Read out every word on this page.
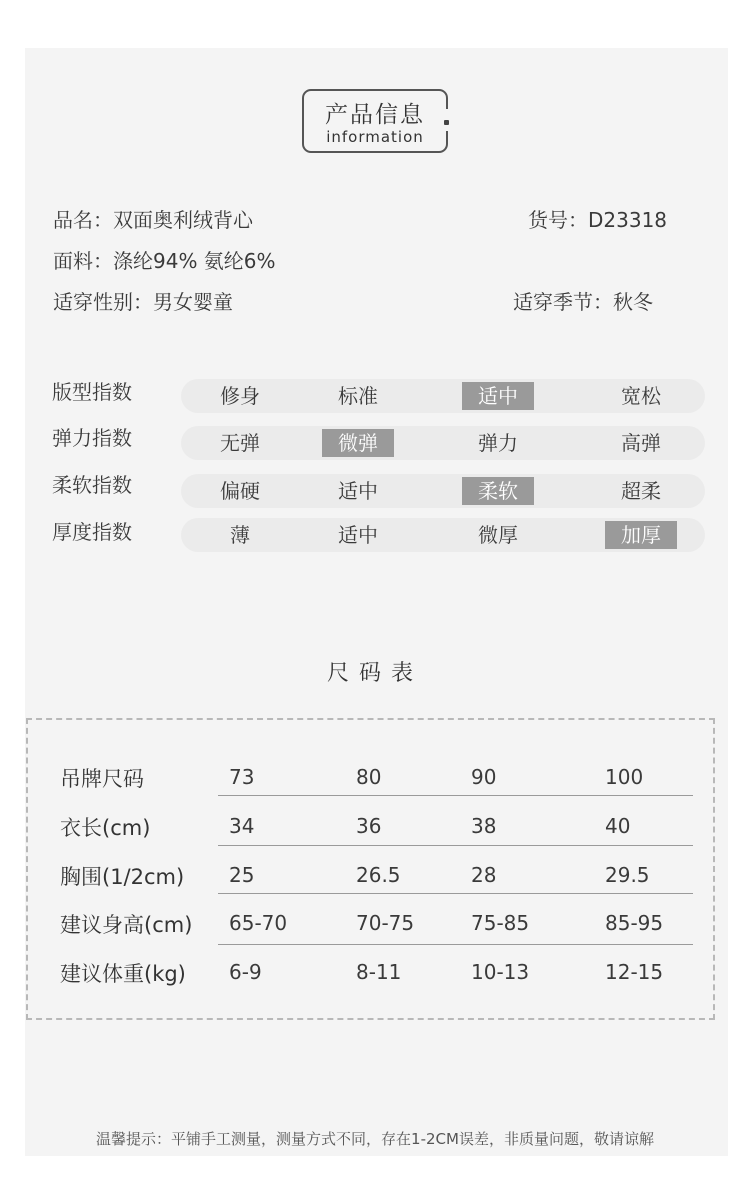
产品信息
information
品名：双面奥利绒背心	货号：D23318
面料：涤纶94% 氨纶6%
适穿性别：男女婴童	适穿季节：秋冬
版型指数	修身	标准	适中	宽松
弹力指数	无弹	微弹	弹力	高弹
柔软指数	偏硬	适中	柔软	超柔
厚度指数	薄	适中	微厚	加厚
尺码表
吊牌尺码	73	80	90	100
衣长(cm)	34	36	38	40
胸围(1/2cm) 25	26.5	28	29.5
建议身高(cm) 65-70	70-75	75-85	85-95
建议体重(kg) 6-9	8-11	10-13	12-15
温馨提示：平铺手工测量，测量方式不同，存在1-2CM误差，非质量问题，敬请谅解
